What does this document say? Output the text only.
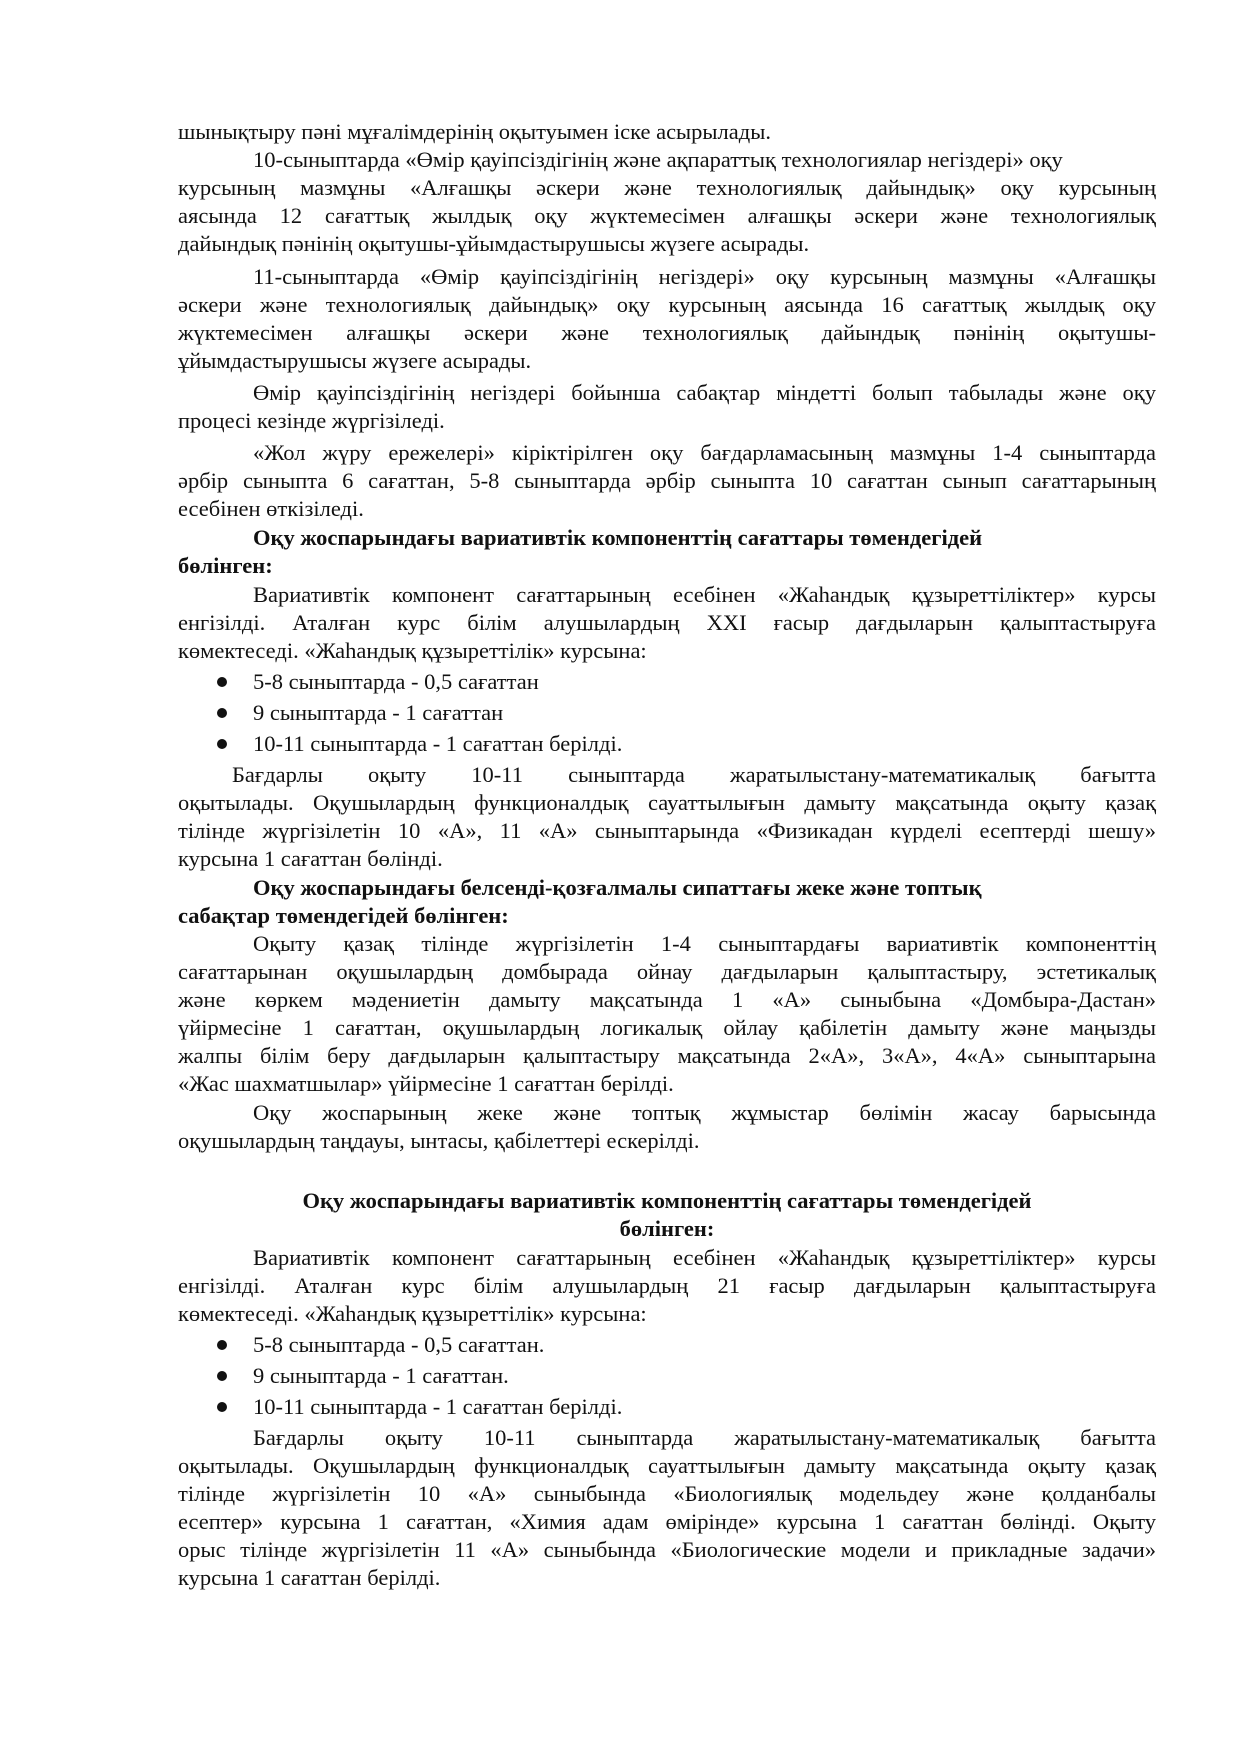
шынықтыру пәні мұғалімдерінің оқытуымен іске асырылады.
10-сыныптарда «Өмір қауіпсіздігінің және ақпараттық технологиялар негіздері» оқу
курсының мазмұны «Алғашқы әскери және технологиялық дайындық» оқу курсының
аясында 12 сағаттық жылдық оқу жүктемесімен алғашқы әскери және технологиялық
дайындық пәнінің оқытушы-ұйымдастырушысы жүзеге асырады.
11-сыныптарда «Өмір қауіпсіздігінің негіздері» оқу курсының мазмұны «Алғашқы
әскери және технологиялық дайындық» оқу курсының аясында 16 сағаттық жылдық оқу
жүктемесімен алғашқы әскери және технологиялық дайындық пәнінің оқытушы-
ұйымдастырушысы жүзеге асырады.
Өмір қауіпсіздігінің негіздері бойынша сабақтар міндетті болып табылады және оқу
процесі кезінде жүргізіледі.
«Жол жүру ережелері» кіріктірілген оқу бағдарламасының мазмұны 1-4 сыныптарда
әрбір сыныпта 6 сағаттан, 5-8 сыныптарда әрбір сыныпта 10 сағаттан сынып сағаттарының
есебінен өткізіледі.
Оқу жоспарындағы вариативтік компоненттің сағаттары төмендегідей
бөлінген:
Вариативтік компонент сағаттарының есебінен «Жаһандық құзыреттіліктер» курсы
енгізілді. Аталған курс білім алушылардың XXI ғасыр дағдыларын қалыптастыруға
көмектеседі. «Жаһандық құзыреттілік» курсына:
5-8 сыныптарда - 0,5 сағаттан
9 сыныптарда - 1 сағаттан
10-11 сыныптарда - 1 сағаттан берілді.
Бағдарлы оқыту 10-11 сыныптарда жаратылыстану-математикалық бағытта
оқытылады. Оқушылардың функционалдық сауаттылығын дамыту мақсатында оқыту қазақ
тілінде жүргізілетін 10 «А», 11 «А» сыныптарында «Физикадан күрделі есептерді шешу»
курсына 1 сағаттан бөлінді.
Оқу жоспарындағы белсенді-қозғалмалы сипаттағы жеке және топтық
сабақтар төмендегідей бөлінген:
Оқыту қазақ тілінде жүргізілетін 1-4 сыныптардағы вариативтік компоненттің
сағаттарынан оқушылардың домбырада ойнау дағдыларын қалыптастыру, эстетикалық
және көркем мәдениетін дамыту мақсатында 1 «А» сыныбына «Домбыра-Дастан»
үйірмесіне 1 сағаттан, оқушылардың логикалық ойлау қабілетін дамыту және маңызды
жалпы білім беру дағдыларын қалыптастыру мақсатында 2«А», 3«А», 4«А» сыныптарына
«Жас шахматшылар» үйірмесіне 1 сағаттан берілді.
Оқу жоспарының жеке және топтық жұмыстар бөлімін жасау барысында
оқушылардың таңдауы, ынтасы, қабілеттері ескерілді.
Оқу жоспарындағы вариативтік компоненттің сағаттары төмендегідей
бөлінген:
Вариативтік компонент сағаттарының есебінен «Жаһандық құзыреттіліктер» курсы
енгізілді. Аталған курс білім алушылардың 21 ғасыр дағдыларын қалыптастыруға
көмектеседі. «Жаһандық құзыреттілік» курсына:
5-8 сыныптарда - 0,5 сағаттан.
9 сыныптарда - 1 сағаттан.
10-11 сыныптарда - 1 сағаттан берілді.
Бағдарлы оқыту 10-11 сыныптарда жаратылыстану-математикалық бағытта
оқытылады. Оқушылардың функционалдық сауаттылығын дамыту мақсатында оқыту қазақ
тілінде жүргізілетін 10 «А» сыныбында «Биологиялық модельдеу және қолданбалы
есептер» курсына 1 сағаттан, «Химия адам өмірінде» курсына 1 сағаттан бөлінді. Оқыту
орыс тілінде жүргізілетін 11 «А» сыныбында «Биологические модели и прикладные задачи»
курсына 1 сағаттан берілді.
